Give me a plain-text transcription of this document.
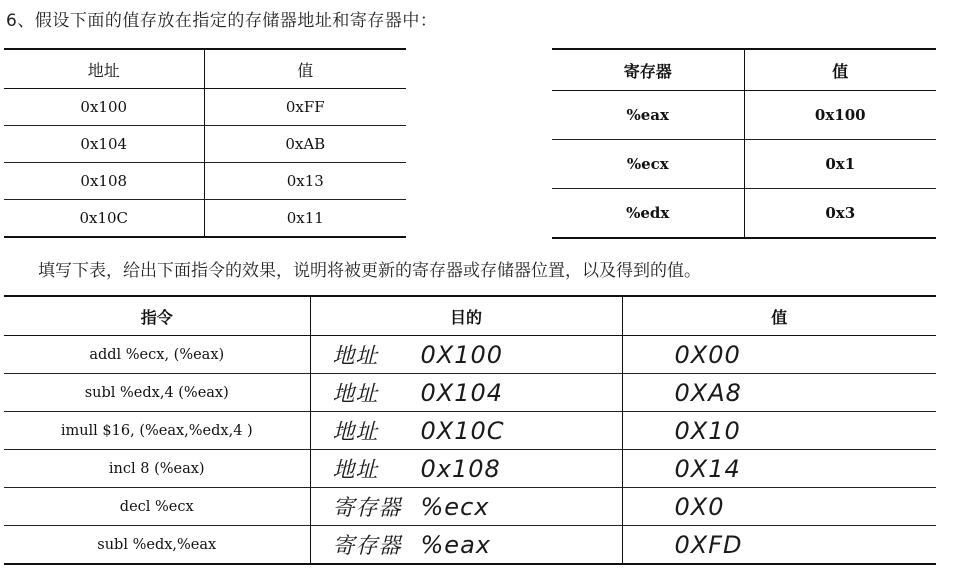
6、假设下面的值存放在指定的存储器地址和寄存器中：
地址	值
0x100	0xFF
0x104	0xAB
0x108	0x13
0x10C	0x11
寄存器	值
%eax	0x100
%ecx	0x1
%edx	0x3
填写下表，给出下面指令的效果，说明将被更新的寄存器或存储器位置，以及得到的值。
指令	目的	值
addl %ecx, (%eax)	地址 0X100	0X00
subl %edx,4 (%eax)	地址 0X104	0XA8
imull $16, (%eax,%edx,4 )	地址 0X10C	0X10
incl 8 (%eax)	地址 0x108	0X14
decl %ecx	寄存器 %ecx	0X0
subl %edx,%eax	寄存器 %eax	0XFD
